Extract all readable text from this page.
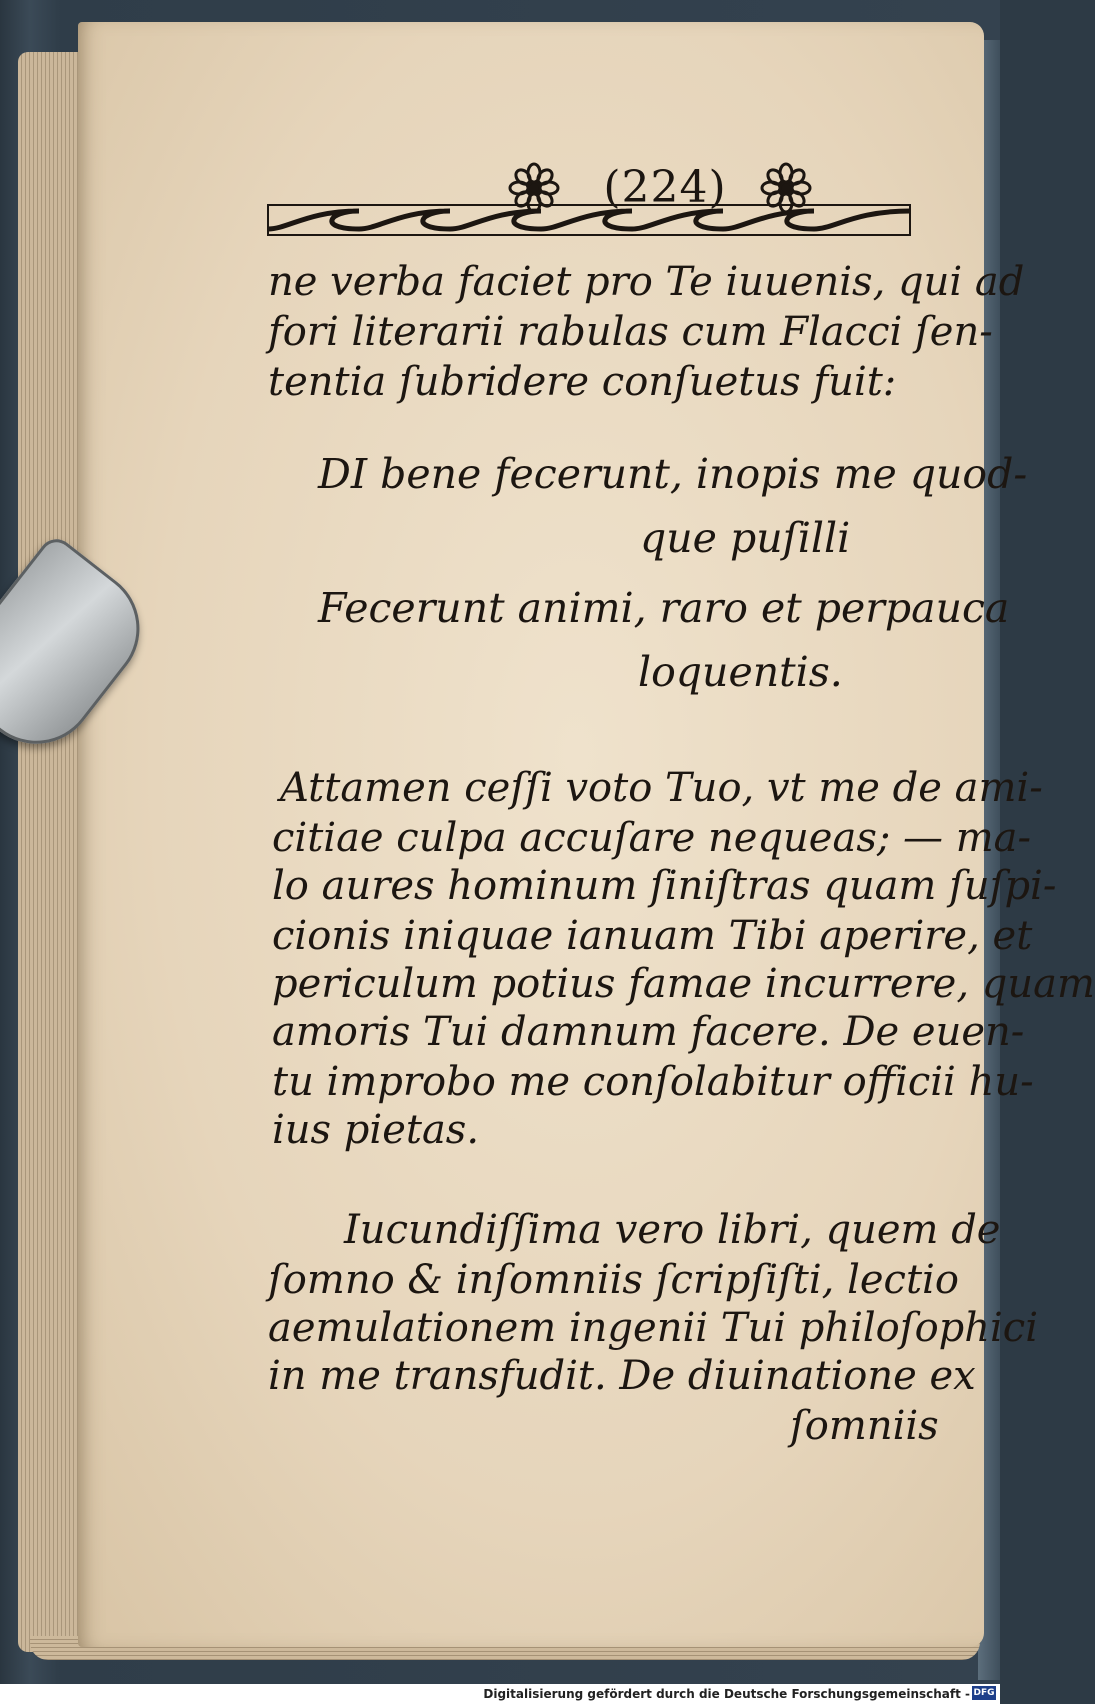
(224)
ne verba faciet pro Te iuuenis, qui ad
fori literarii rabulas cum Flacci ſen-
tentia ſubridere conſuetus fuit:
DI bene fecerunt, inopis me quod-
que puſilli
Fecerunt animi, raro et perpauca
loquentis.
Attamen ceſſi voto Tuo, vt me de ami-
citiae culpa accuſare nequeas; — ma-
lo aures hominum ſiniſtras quam ſuſpi-
cionis iniquae ianuam Tibi aperire, et
periculum potius famae incurrere, quam
amoris Tui damnum facere. De euen-
tu improbo me conſolabitur officii hu-
ius pietas.
Iucundiſſima vero libri, quem de
ſomno & inſomniis ſcripſiſti, lectio
aemulationem ingenii Tui philoſophici
in me transfudit. De diuinatione ex
ſomniis
Digitalisierung gefördert durch die Deutsche Forschungsgemeinschaft - DFG
